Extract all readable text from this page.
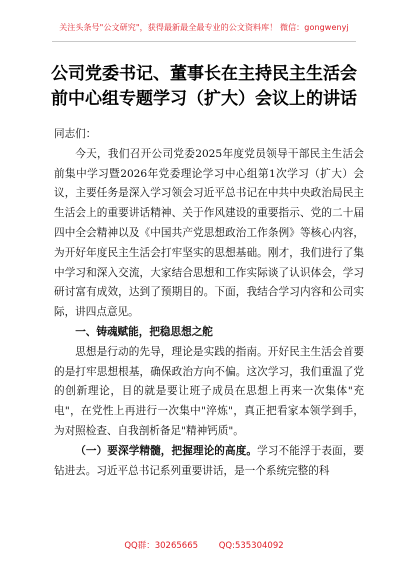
关注头条号"公文研究"，获得最新最全最专业的公文资料库！ 微信：gongwenyj
公司党委书记、董事长在主持民主生活会
前中心组专题学习（扩大）会议上的讲话

同志们：

今天，我们召开公司党委2025年度党员领导干部民主生活会前集中学习暨2026年党委理论学习中心组第1次学习（扩大）会议，主要任务是深入学习领会习近平总书记在中共中央政治局民主生活会上的重要讲话精神、关于作风建设的重要指示、党的二十届四中全会精神以及《中国共产党思想政治工作条例》等核心内容，为开好年度民主生活会打牢坚实的思想基础。刚才，我们进行了集中学习和深入交流，大家结合思想和工作实际谈了认识体会，学习研讨富有成效，达到了预期目的。下面，我结合学习内容和公司实际，讲四点意见。

一、铸魂赋能，把稳思想之舵

思想是行动的先导，理论是实践的指南。开好民主生活会首要的是打牢思想根基，确保政治方向不偏。这次学习，我们重温了党的创新理论，目的就是要让班子成员在思想上再来一次集体"充电"，在党性上再进行一次集中"淬炼"，真正把看家本领学到手，为对照检查、自我剖析备足"精神钙质"。

（一）要深学精髓，把握理论的高度。学习不能浮于表面，要钻进去。习近平总书记系列重要讲话，是一个系统完整的科

QQ群：30265665 QQ:535304092
